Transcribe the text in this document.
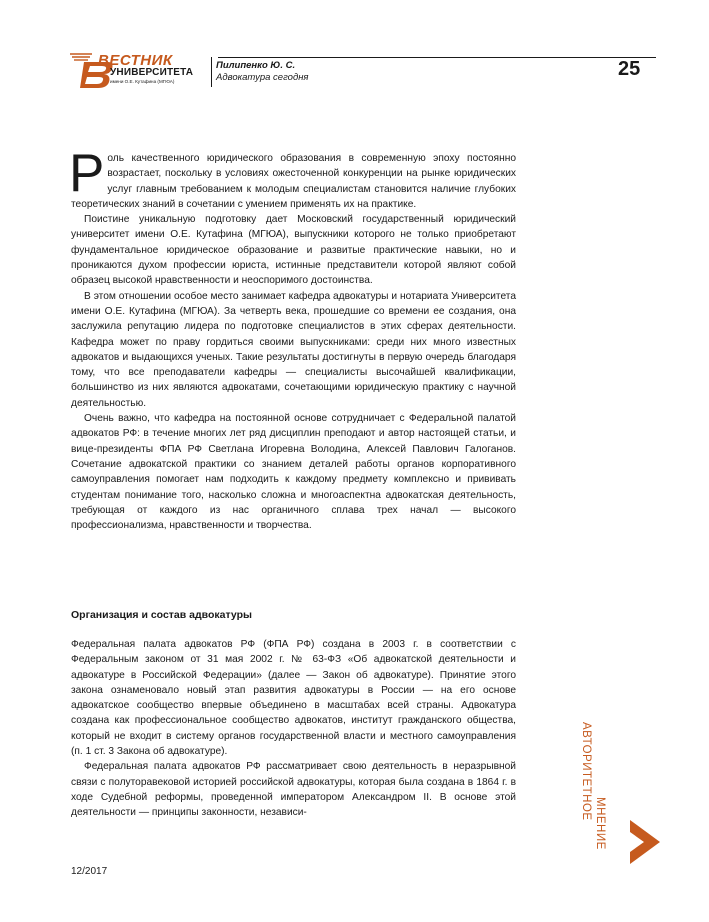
ВЕСТНИК
УНИВЕРСИТЕТА
имени О.Е. Кутафина (МГЮА)
Пилипенко Ю. С.
Адвокатура сегодня	25

Роль качественного юридического образования в современную эпоху постоянно возрастает, поскольку в условиях ожесточенной конкуренции на рынке юридических услуг главным требованием к молодым специалистам становится наличие глубоких теоретических знаний в сочетании с умением применять их на практике.

Поистине уникальную подготовку дает Московский государственный юридический университет имени О.Е. Кутафина (МГЮА), выпускники которого не только приобретают фундаментальное юридическое образование и развитые практические навыки, но и проникаются духом профессии юриста, истинные представители которой являют собой образец высокой нравственности и неоспоримого достоинства.

В этом отношении особое место занимает кафедра адвокатуры и нотариата Университета имени О.Е. Кутафина (МГЮА). За четверть века, прошедшие со времени ее создания, она заслужила репутацию лидера по подготовке специалистов в этих сферах деятельности. Кафедра может по праву гордиться своими выпускниками: среди них много известных адвокатов и выдающихся ученых. Такие результаты достигнуты в первую очередь благодаря тому, что все преподаватели кафедры — специалисты высочайшей квалификации, большинство из них являются адвокатами, сочетающими юридическую практику с научной деятельностью.

Очень важно, что кафедра на постоянной основе сотрудничает с Федеральной палатой адвокатов РФ: в течение многих лет ряд дисциплин преподают и автор настоящей статьи, и вице-президенты ФПА РФ Светлана Игоревна Володина, Алексей Павлович Галоганов. Сочетание адвокатской практики со знанием деталей работы органов корпоративного самоуправления помогает нам подходить к каждому предмету комплексно и прививать студентам понимание того, насколько сложна и многоаспектна адвокатская деятельность, требующая от каждого из нас органичного сплава трех начал — высокого профессионализма, нравственности и творчества.

Организация и состав адвокатуры

Федеральная палата адвокатов РФ (ФПА РФ) создана в 2003 г. в соответствии с Федеральным законом от 31 мая 2002 г. № 63-ФЗ «Об адвокатской деятельности и адвокатуре в Российской Федерации» (далее — Закон об адвокатуре). Принятие этого закона ознаменовало новый этап развития адвокатуры в России — на его основе адвокатское сообщество впервые объединено в масштабах всей страны. Адвокатура создана как профессиональное сообщество адвокатов, институт гражданского общества, который не входит в систему органов государственной власти и местного самоуправления (п. 1 ст. 3 Закона об адвокатуре).

Федеральная палата адвокатов РФ рассматривает свою деятельность в неразрывной связи с полуторавековой историей российской адвокатуры, которая была создана в 1864 г. в ходе Судебной реформы, проведенной императором Александром II. В основе этой деятельности — принципы законности, независи-	АВТОРИТЕТНОЕ
МНЕНИЕ
12/2017
